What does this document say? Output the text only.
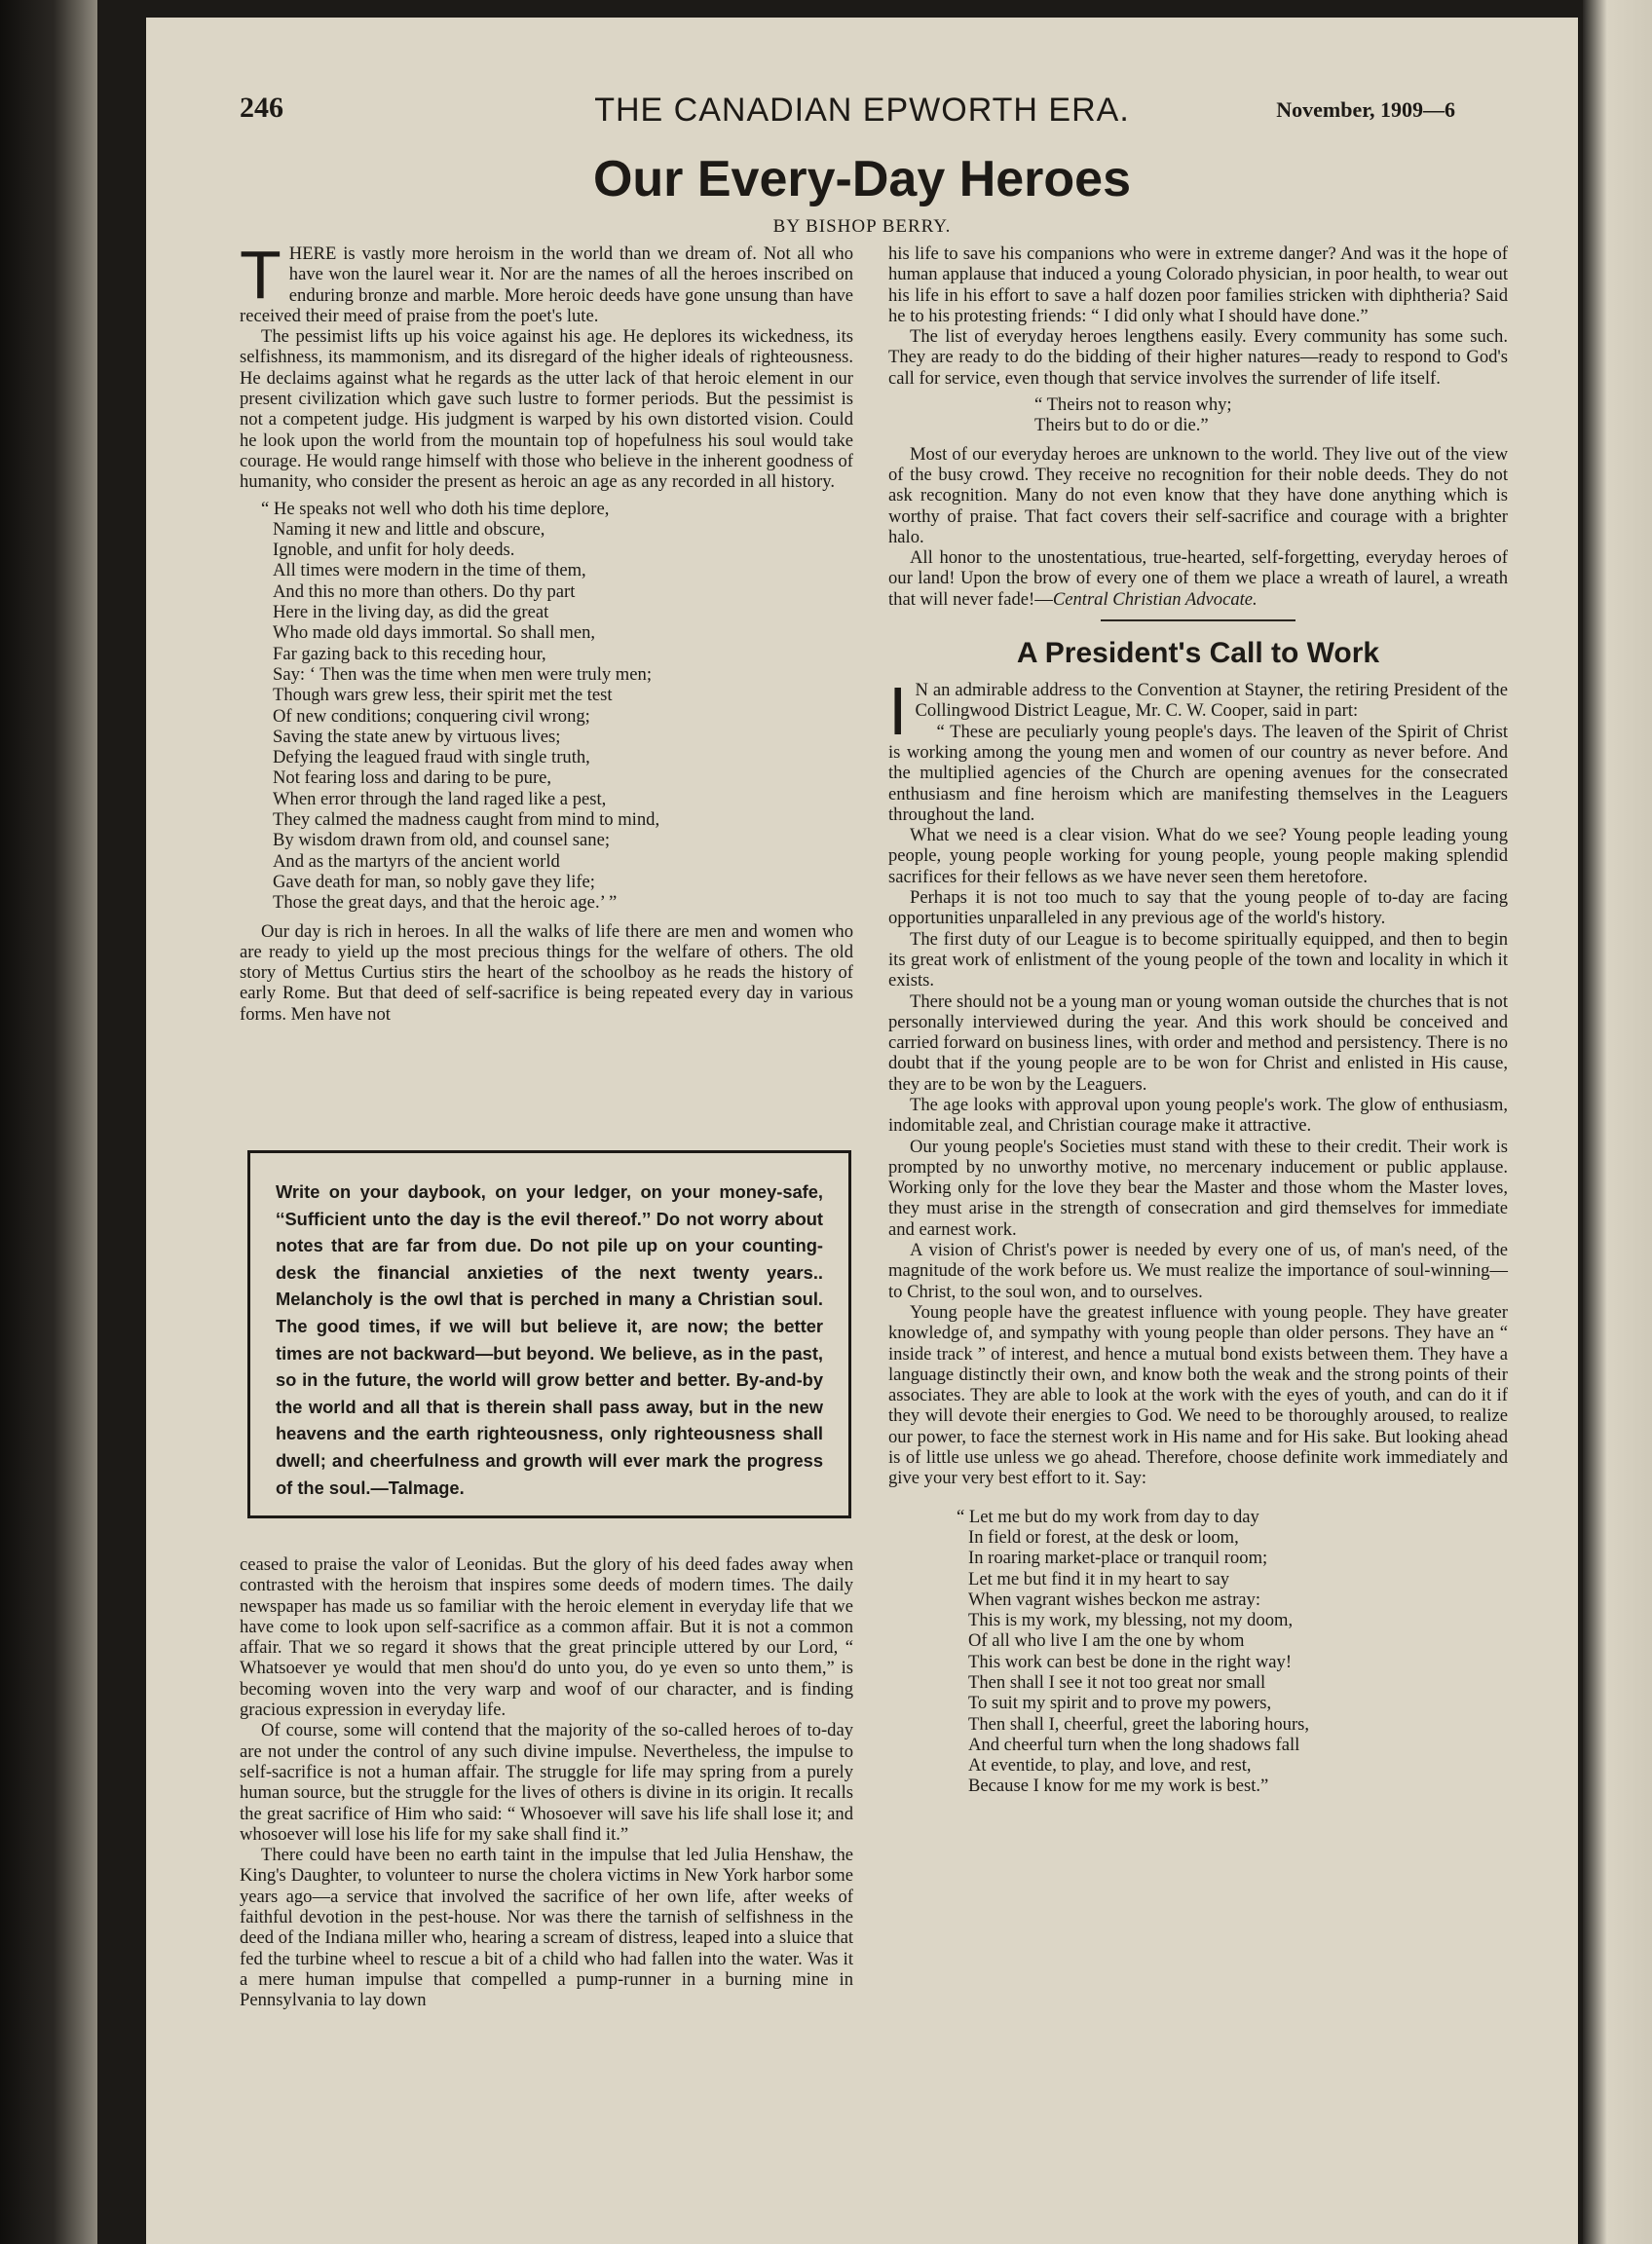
246	THE CANADIAN EPWORTH ERA.	November, 1909—6
Our Every-Day Heroes
BY BISHOP BERRY.

THERE is vastly more heroism in the world than we dream of. Not all who have won the laurel wear it. Nor are the names of all the heroes inscribed on enduring bronze and marble. More heroic deeds have gone unsung than have received their meed of praise from the poet's lute.

The pessimist lifts up his voice against his age. He deplores its wickedness, its selfishness, its mammonism, and its disregard of the higher ideals of righteousness. He declaims against what he regards as the utter lack of that heroic element in our present civilization which gave such lustre to former periods. But the pessimist is not a competent judge. His judgment is warped by his own distorted vision. Could he look upon the world from the mountain top of hopefulness his soul would take courage. He would range himself with those who believe in the inherent goodness of humanity, who consider the present as heroic an age as any recorded in all history.

“ He speaks not well who doth his time deplore,
Naming it new and little and obscure,
Ignoble, and unfit for holy deeds.
All times were modern in the time of them,
And this no more than others. Do thy part
Here in the living day, as did the great
Who made old days immortal. So shall men,
Far gazing back to this receding hour,
Say: ‘ Then was the time when men were truly men;
Though wars grew less, their spirit met the test
Of new conditions; conquering civil wrong;
Saving the state anew by virtuous lives;
Defying the leagued fraud with single truth,
Not fearing loss and daring to be pure,
When error through the land raged like a pest,
They calmed the madness caught from mind to mind,
By wisdom drawn from old, and counsel sane;
And as the martyrs of the ancient world
Gave death for man, so nobly gave they life;
Those the great days, and that the heroic age.’ ”

Our day is rich in heroes. In all the walks of life there are men and women who are ready to yield up the most precious things for the welfare of others. The old story of Mettus Curtius stirs the heart of the schoolboy as he reads the history of early Rome. But that deed of self-sacrifice is being repeated every day in various forms. Men have not

Write on your daybook, on your ledger, on your money-safe, ‘‘Sufficient unto the day is the evil thereof.’’ Do not worry about notes that are far from due. Do not pile up on your counting-desk the financial anxieties of the next twenty years.. Melancholy is the owl that is perched in many a Christian soul. The good times, if we will but believe it, are now; the better times are not backward—but beyond. We believe, as in the past, so in the future, the world will grow better and better. By-and-by the world and all that is therein shall pass away, but in the new heavens and the earth righteousness, only righteousness shall dwell; and cheerfulness and growth will ever mark the progress of the soul.—Talmage.

ceased to praise the valor of Leonidas. But the glory of his deed fades away when contrasted with the heroism that inspires some deeds of modern times. The daily newspaper has made us so familiar with the heroic element in everyday life that we have come to look upon self-sacrifice as a common affair. But it is not a common affair. That we so regard it shows that the great principle uttered by our Lord, “ Whatsoever ye would that men shou'd do unto you, do ye even so unto them,” is becoming woven into the very warp and woof of our character, and is finding gracious expression in everyday life.

Of course, some will contend that the majority of the so-called heroes of to-day are not under the control of any such divine impulse. Nevertheless, the impulse to self-sacrifice is not a human affair. The struggle for life may spring from a purely human source, but the struggle for the lives of others is divine in its origin. It recalls the great sacrifice of Him who said: “ Whosoever will save his life shall lose it; and whosoever will lose his life for my sake shall find it.”

There could have been no earth taint in the impulse that led Julia Henshaw, the King's Daughter, to volunteer to nurse the cholera victims in New York harbor some years ago—a service that involved the sacrifice of her own life, after weeks of faithful devotion in the pest-house. Nor was there the tarnish of selfishness in the deed of the Indiana miller who, hearing a scream of distress, leaped into a sluice that fed the turbine wheel to rescue a bit of a child who had fallen into the water. Was it a mere human impulse that compelled a pump-runner in a burning mine in Pennsylvania to lay down

his life to save his companions who were in extreme danger? And was it the hope of human applause that induced a young Colorado physician, in poor health, to wear out his life in his effort to save a half dozen poor families stricken with diphtheria? Said he to his protesting friends: “ I did only what I should have done.”

The list of everyday heroes lengthens easily. Every community has some such. They are ready to do the bidding of their higher natures—ready to respond to God's call for service, even though that service involves the surrender of life itself.

“ Theirs not to reason why;
Theirs but to do or die.”

Most of our everyday heroes are unknown to the world. They live out of the view of the busy crowd. They receive no recognition for their noble deeds. They do not ask recognition. Many do not even know that they have done anything which is worthy of praise. That fact covers their self-sacrifice and courage with a brighter halo.

All honor to the unostentatious, true-hearted, self-forgetting, everyday heroes of our land! Upon the brow of every one of them we place a wreath of laurel, a wreath that will never fade!—Central Christian Advocate.

A President's Call to Work

I N an admirable address to the Convention at Stayner, the retiring President of the Collingwood District League, Mr. C. W. Cooper, said in part:

“ These are peculiarly young people's days. The leaven of the Spirit of Christ is working among the young men and women of our country as never before. And the multiplied agencies of the Church are opening avenues for the consecrated enthusiasm and fine heroism which are manifesting themselves in the Leaguers throughout the land.

What we need is a clear vision. What do we see? Young people leading young people, young people working for young people, young people making splendid sacrifices for their fellows as we have never seen them heretofore.

Perhaps it is not too much to say that the young people of to-day are facing opportunities unparalleled in any previous age of the world's history.

The first duty of our League is to become spiritually equipped, and then to begin its great work of enlistment of the young people of the town and locality in which it exists.

There should not be a young man or young woman outside the churches that is not personally interviewed during the year. And this work should be conceived and carried forward on business lines, with order and method and persistency. There is no doubt that if the young people are to be won for Christ and enlisted in His cause, they are to be won by the Leaguers.

The age looks with approval upon young people's work. The glow of enthusiasm, indomitable zeal, and Christian courage make it attractive.

Our young people's Societies must stand with these to their credit. Their work is prompted by no unworthy motive, no mercenary inducement or public applause. Working only for the love they bear the Master and those whom the Master loves, they must arise in the strength of consecration and gird themselves for immediate and earnest work.

A vision of Christ's power is needed by every one of us, of man's need, of the magnitude of the work before us. We must realize the importance of soul-winning—to Christ, to the soul won, and to ourselves.

Young people have the greatest influence with young people. They have greater knowledge of, and sympathy with young people than older persons. They have an “ inside track ” of interest, and hence a mutual bond exists between them. They have a language distinctly their own, and know both the weak and the strong points of their associates. They are able to look at the work with the eyes of youth, and can do it if they will devote their energies to God. We need to be thoroughly aroused, to realize our power, to face the sternest work in His name and for His sake. But looking ahead is of little use unless we go ahead. Therefore, choose definite work immediately and give your very best effort to it. Say:

“ Let me but do my work from day to day
In field or forest, at the desk or loom,
In roaring market-place or tranquil room;
Let me but find it in my heart to say
When vagrant wishes beckon me astray:
This is my work, my blessing, not my doom,
Of all who live I am the one by whom
This work can best be done in the right way!
Then shall I see it not too great nor small
To suit my spirit and to prove my powers,
Then shall I, cheerful, greet the laboring hours,
And cheerful turn when the long shadows fall
At eventide, to play, and love, and rest,
Because I know for me my work is best.”
